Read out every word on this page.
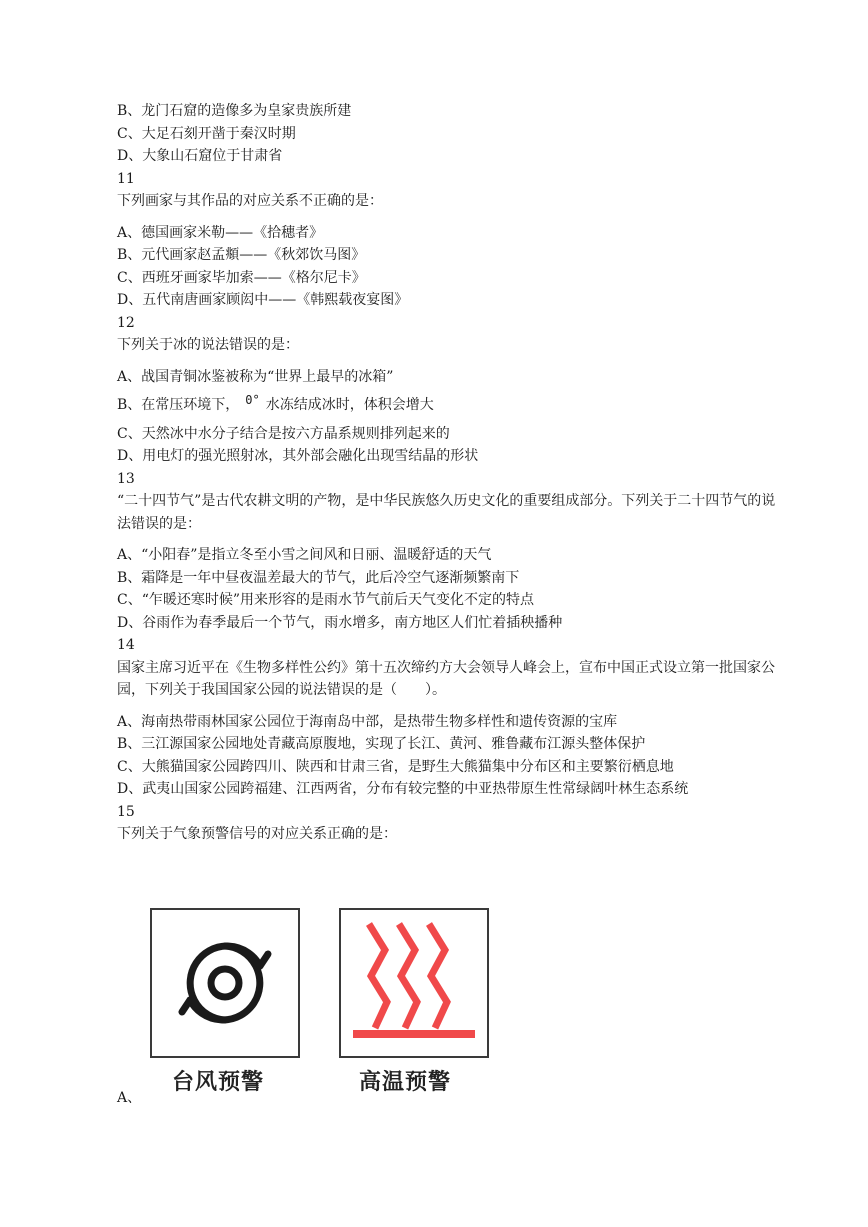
B、龙门石窟的造像多为皇家贵族所建
C、大足石刻开凿于秦汉时期
D、大象山石窟位于甘肃省
11
下列画家与其作品的对应关系不正确的是：
A、德国画家米勒——《拾穗者》
B、元代画家赵孟頫——《秋郊饮马图》
C、西班牙画家毕加索——《格尔尼卡》
D、五代南唐画家顾闳中——《韩熙载夜宴图》
12
下列关于冰的说法错误的是：
A、战国青铜冰鉴被称为“世界上最早的冰箱”
B、在常压环境下， 0° 水冻结成冰时，体积会增大
C、天然冰中水分子结合是按六方晶系规则排列起来的
D、用电灯的强光照射冰，其外部会融化出现雪结晶的形状
13
“二十四节气”是古代农耕文明的产物，是中华民族悠久历史文化的重要组成部分。下列关于二十四节气的说法错误的是：
A、“小阳春”是指立冬至小雪之间风和日丽、温暖舒适的天气
B、霜降是一年中昼夜温差最大的节气，此后冷空气逐渐频繁南下
C、“乍暖还寒时候”用来形容的是雨水节气前后天气变化不定的特点
D、谷雨作为春季最后一个节气，雨水增多，南方地区人们忙着插秧播种
14
国家主席习近平在《生物多样性公约》第十五次缔约方大会领导人峰会上，宣布中国正式设立第一批国家公园，下列关于我国国家公园的说法错误的是（　　）。
A、海南热带雨林国家公园位于海南岛中部，是热带生物多样性和遗传资源的宝库
B、三江源国家公园地处青藏高原腹地，实现了长江、黄河、雅鲁藏布江源头整体保护
C、大熊猫国家公园跨四川、陕西和甘肃三省，是野生大熊猫集中分布区和主要繁衍栖息地
D、武夷山国家公园跨福建、江西两省，分布有较完整的中亚热带原生性常绿阔叶林生态系统
15
下列关于气象预警信号的对应关系正确的是：
台风预警	高温预警
A、
